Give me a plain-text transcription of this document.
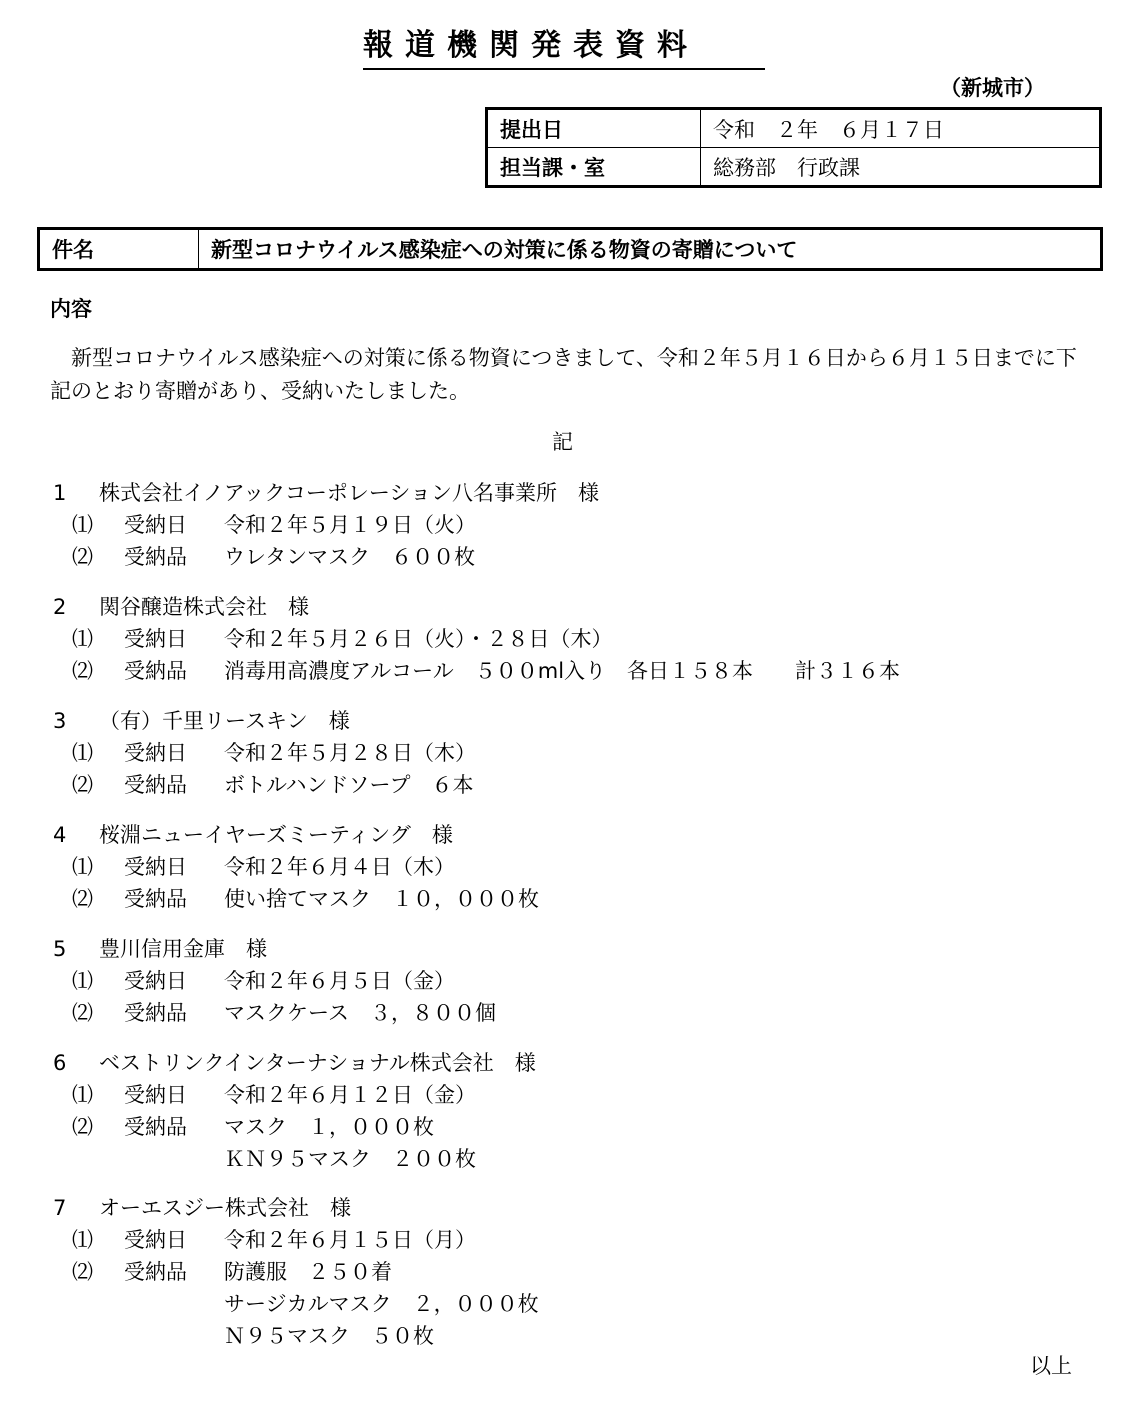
報道機関発表資料
（新城市）
提出日	令和　２年　６月１７日
担当課・室	総務部　行政課
件名	新型コロナウイルス感染症への対策に係る物資の寄贈について
内容
新型コロナウイルス感染症への対策に係る物資につきまして、令和２年５月１６日から６月１５日までに下記のとおり寄贈があり、受納いたしました。
記
1 株式会社イノアックコーポレーション八名事業所　様
⑴ 受納日 令和２年５月１９日（火）
⑵ 受納品 ウレタンマスク　６００枚
2 関谷醸造株式会社　様
⑴ 受納日 令和２年５月２６日（火）・２８日（木）
⑵ 受納品 消毒用高濃度アルコール　５００ml入り　各日１５８本　　計３１６本
3 （有）千里リースキン　様
⑴ 受納日 令和２年５月２８日（木）
⑵ 受納品 ボトルハンドソープ　６本
4 桜淵ニューイヤーズミーティング　様
⑴ 受納日 令和２年６月４日（木）
⑵ 受納品 使い捨てマスク　１０，０００枚
5 豊川信用金庫　様
⑴ 受納日 令和２年６月５日（金）
⑵ 受納品 マスクケース　３，８００個
6 ベストリンクインターナショナル株式会社　様
⑴ 受納日 令和２年６月１２日（金）
⑵ 受納品 マスク　１，０００枚
ＫＮ９５マスク　２００枚
7 オーエスジー株式会社　様
⑴ 受納日 令和２年６月１５日（月）
⑵ 受納品 防護服　２５０着
サージカルマスク　２，０００枚
Ｎ９５マスク　５０枚
以上
